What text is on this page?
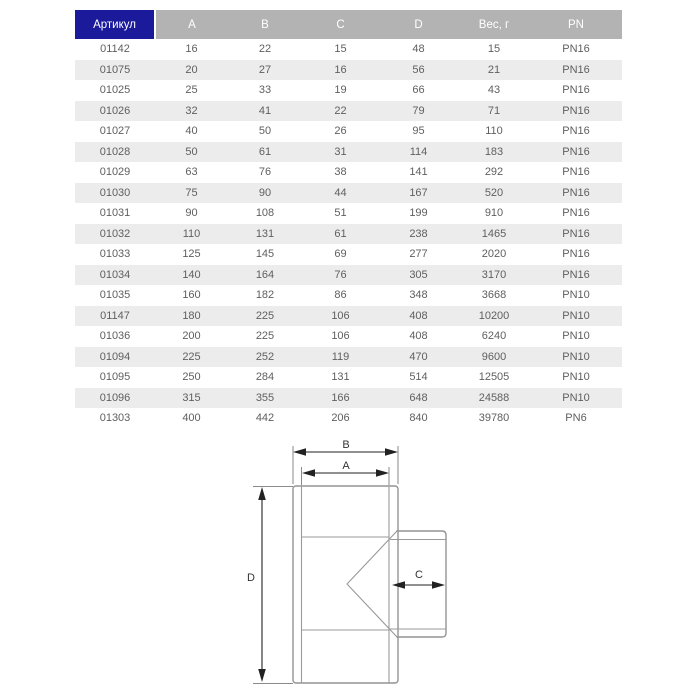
Артикул	A	B	C	D	Вес, г	PN
01142	16	22	15	48	15	PN16
01075	20	27	16	56	21	PN16
01025	25	33	19	66	43	PN16
01026	32	41	22	79	71	PN16
01027	40	50	26	95	110	PN16
01028	50	61	31	114	183	PN16
01029	63	76	38	141	292	PN16
01030	75	90	44	167	520	PN16
01031	90	108	51	199	910	PN16
01032	110	131	61	238	1465	PN16
01033	125	145	69	277	2020	PN16
01034	140	164	76	305	3170	PN16
01035	160	182	86	348	3668	PN10
01147	180	225	106	408	10200	PN10
01036	200	225	106	408	6240	PN10
01094	225	252	119	470	9600	PN10
01095	250	284	131	514	12505	PN10
01096	315	355	166	648	24588	PN10
01303	400	442	206	840	39780	PN6
B
A
D	C
